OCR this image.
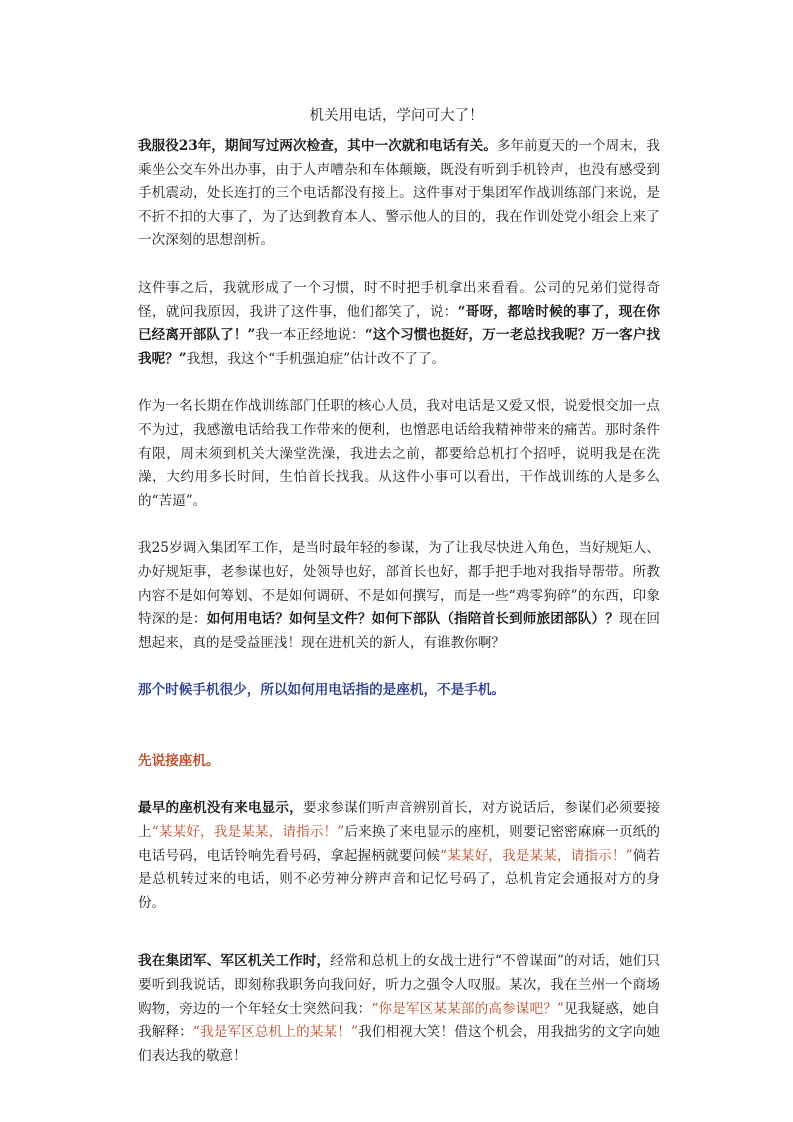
机关用电话，学问可大了！

我服役23年，期间写过两次检查，其中一次就和电话有关。多年前夏天的一个周末，我乘坐公交车外出办事，由于人声嘈杂和车体颠簸，既没有听到手机铃声，也没有感受到手机震动，处长连打的三个电话都没有接上。这件事对于集团军作战训练部门来说，是不折不扣的大事了，为了达到教育本人、警示他人的目的，我在作训处党小组会上来了一次深刻的思想剖析。

这件事之后，我就形成了一个习惯，时不时把手机拿出来看看。公司的兄弟们觉得奇怪，就问我原因，我讲了这件事，他们都笑了，说：“哥呀，都啥时候的事了，现在你已经离开部队了！”我一本正经地说：“这个习惯也挺好，万一老总找我呢？万一客户找我呢？”我想，我这个“手机强迫症”估计改不了了。

作为一名长期在作战训练部门任职的核心人员，我对电话是又爱又恨，说爱恨交加一点不为过，我感激电话给我工作带来的便利，也憎恶电话给我精神带来的痛苦。那时条件有限，周末须到机关大澡堂洗澡，我进去之前，都要给总机打个招呼，说明我是在洗澡，大约用多长时间，生怕首长找我。从这件小事可以看出，干作战训练的人是多么的“苦逼”。

我25岁调入集团军工作，是当时最年轻的参谋，为了让我尽快进入角色，当好规矩人、办好规矩事，老参谋也好，处领导也好，部首长也好，都手把手地对我指导帮带。所教内容不是如何筹划、不是如何调研、不是如何撰写，而是一些“鸡零狗碎”的东西，印象特深的是：如何用电话？如何呈文件？如何下部队（指陪首长到师旅团部队）？现在回想起来，真的是受益匪浅！现在进机关的新人，有谁教你啊？

那个时候手机很少，所以如何用电话指的是座机，不是手机。

先说接座机。

最早的座机没有来电显示，要求参谋们听声音辨别首长，对方说话后，参谋们必须要接上“某某好，我是某某，请指示！”后来换了来电显示的座机，则要记密密麻麻一页纸的电话号码，电话铃响先看号码，拿起握柄就要问候“某某好，我是某某，请指示！”倘若是总机转过来的电话，则不必劳神分辨声音和记忆号码了，总机肯定会通报对方的身份。

我在集团军、军区机关工作时，经常和总机上的女战士进行“不曾谋面”的对话，她们只要听到我说话，即刻称我职务向我问好，听力之强令人叹服。某次，我在兰州一个商场购物，旁边的一个年轻女士突然问我：“你是军区某某部的高参谋吧？”见我疑惑，她自我解释：“我是军区总机上的某某！”我们相视大笑！借这个机会，用我拙劣的文字向她们表达我的敬意！
